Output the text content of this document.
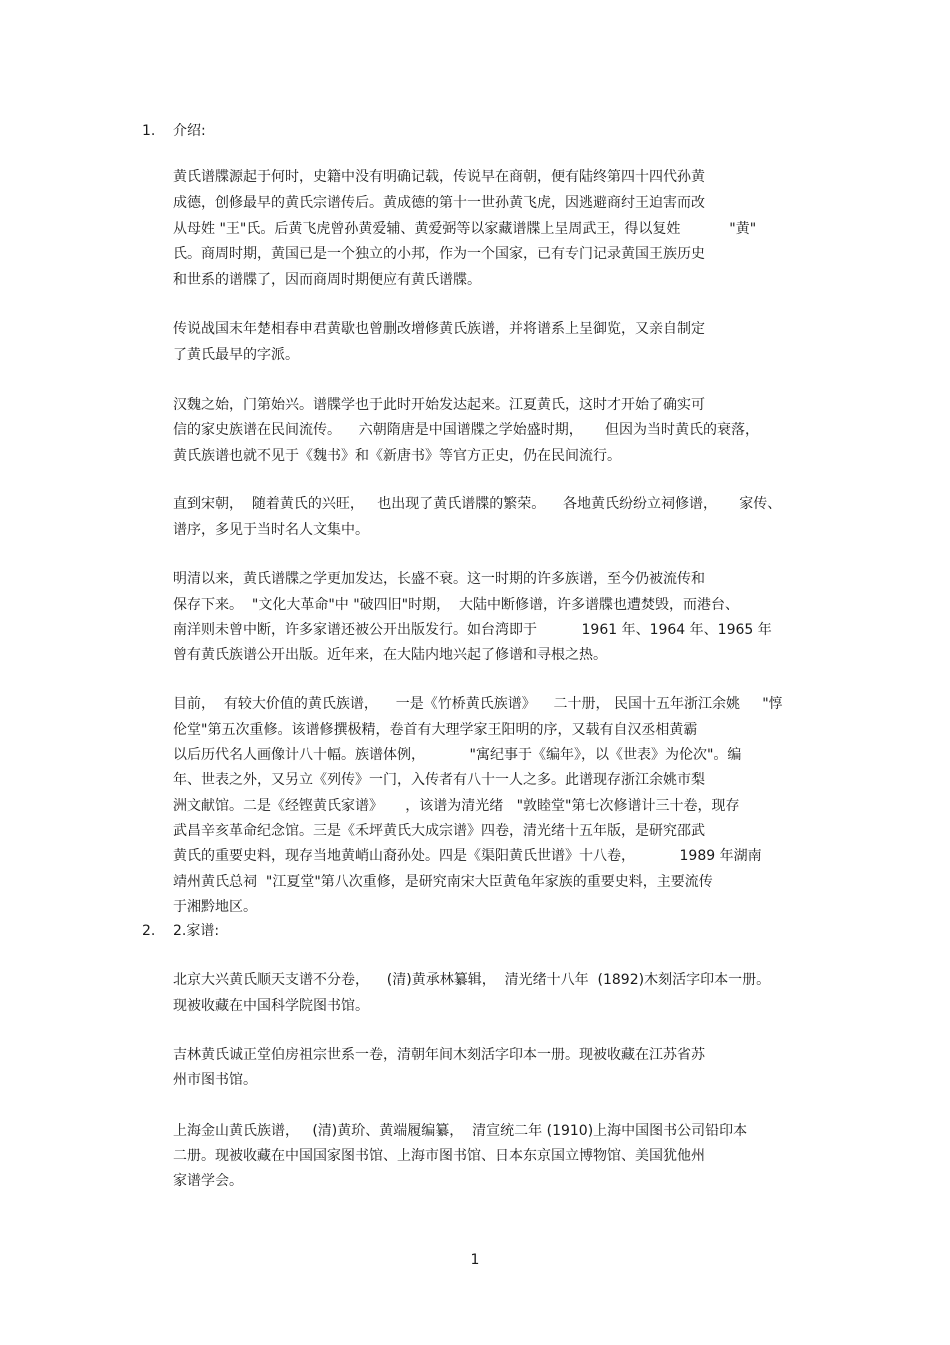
1. 介绍:
黄氏谱牒源起于何时，史籍中没有明确记载，传说早在商朝，便有陆终第四十四代孙黄
成德，创修最早的黄氏宗谱传后。黄成德的第十一世孙黄飞虎，因逃避商纣王迫害而改
从母姓 "王"氏。后黄飞虎曾孙黄爱辅、黄爱弼等以家藏谱牒上呈周武王，得以复姓           "黄"
氏。商周时期，黄国已是一个独立的小邦，作为一个国家，已有专门记录黄国王族历史
和世系的谱牒了，因而商周时期便应有黄氏谱牒。
传说战国末年楚相春申君黄歇也曾删改增修黄氏族谱，并将谱系上呈御览，又亲自制定
了黄氏最早的字派。
汉魏之始，门第始兴。谱牒学也于此时开始发达起来。江夏黄氏，这时才开始了确实可
信的家史族谱在民间流传。    六朝隋唐是中国谱牒之学始盛时期，     但因为当时黄氏的衰落，
黄氏族谱也就不见于《魏书》和《新唐书》等官方正史，仍在民间流行。
直到宋朝，  随着黄氏的兴旺，   也出现了黄氏谱牒的繁荣。    各地黄氏纷纷立祠修谱，     家传、
谱序，多见于当时名人文集中。
明清以来，黄氏谱牒之学更加发达，长盛不衰。这一时期的许多族谱，至今仍被流传和
保存下来。  "文化大革命"中 "破四旧"时期，  大陆中断修谱，许多谱牒也遭焚毁，而港台、
南洋则未曾中断，许多家谱还被公开出版发行。如台湾即于          1961 年、1964 年、1965 年
曾有黄氏族谱公开出版。近年来，在大陆内地兴起了修谱和寻根之热。
目前，  有较大价值的黄氏族谱，    一是《竹桥黄氏族谱》    二十册， 民国十五年浙江余姚     "惇
伦堂"第五次重修。该谱修撰极精，卷首有大理学家王阳明的序，又载有自汉丞相黄霸
以后历代名人画像计八十幅。族谱体例，          "寓纪事于《编年》，以《世表》为伦次"。编
年、世表之外，又另立《列传》一门，入传者有八十一人之多。此谱现存浙江余姚市梨
洲文献馆。二是《经铿黄氏家谱》     ，该谱为清光绪   "敦睦堂"第七次修谱计三十卷，现存
武昌辛亥革命纪念馆。三是《禾坪黄氏大成宗谱》四卷，清光绪十五年版，是研究邵武
黄氏的重要史料，现存当地黄峭山裔孙处。四是《渠阳黄氏世谱》十八卷，          1989 年湖南
靖州黄氏总祠  "江夏堂"第八次重修，是研究南宋大臣黄龟年家族的重要史料，主要流传
于湘黔地区。
2. 2.家谱:
北京大兴黄氏顺天支谱不分卷，    (清)黄承林纂辑，  清光绪十八年  (1892)木刻活字印本一册。
现被收藏在中国科学院图书馆。
吉林黄氏诚正堂伯房祖宗世系一卷，清朝年间木刻活字印本一册。现被收藏在江苏省苏
州市图书馆。
上海金山黄氏族谱，   (清)黄玠、黄端履编纂，  清宣统二年 (1910)上海中国图书公司铅印本
二册。现被收藏在中国国家图书馆、上海市图书馆、日本东京国立博物馆、美国犹他州
家谱学会。
1
